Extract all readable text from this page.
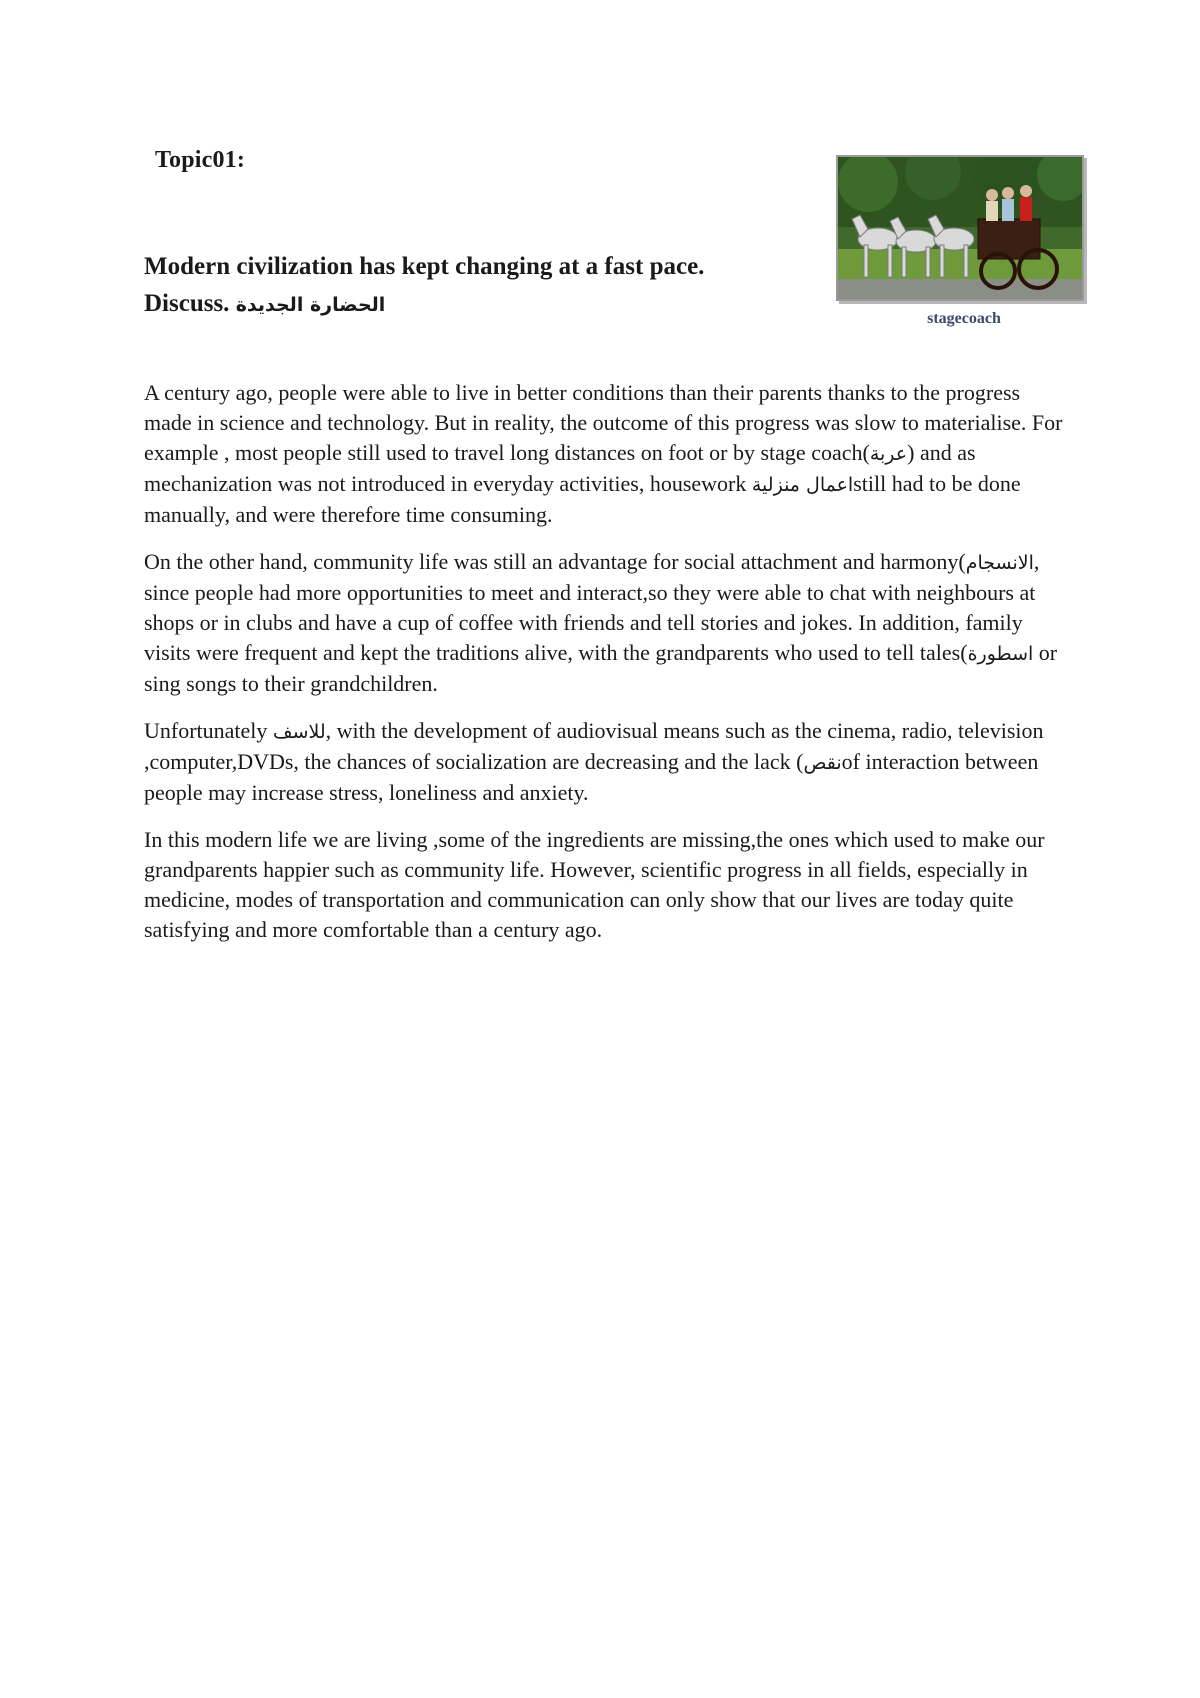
Topic01:
Modern civilization has kept changing at a fast pace.
Discuss. الحضارة الجديدة
stagecoach

A century ago, people were able to live in better conditions than their parents thanks to the progress made in science and technology. But in reality, the outcome of this progress was slow to materialise. For example , most people still used to travel long distances on foot or by stage coach(عربة) and as mechanization was not introduced in everyday activities, housework اعمال منزليةstill had to be done manually, and were therefore time consuming.

On the other hand, community life was still an advantage for social attachment and harmony(الانسجام, since people had more opportunities to meet and interact,so they were able to chat with neighbours at shops or in clubs and have a cup of coffee with friends and tell stories and jokes. In addition, family visits were frequent and kept the traditions alive, with the grandparents who used to tell tales(اسطورة or sing songs to their grandchildren.

Unfortunately للاسف, with the development of audiovisual means such as the cinema, radio, television ,computer,DVDs, the chances of socialization are decreasing and the lack (نقصof interaction between people may increase stress, loneliness and anxiety.

In this modern life we are living ,some of the ingredients are missing,the ones which used to make our grandparents happier such as community life. However, scientific progress in all fields, especially in medicine, modes of transportation and communication can only show that our lives are today quite satisfying and more comfortable than a century ago.
